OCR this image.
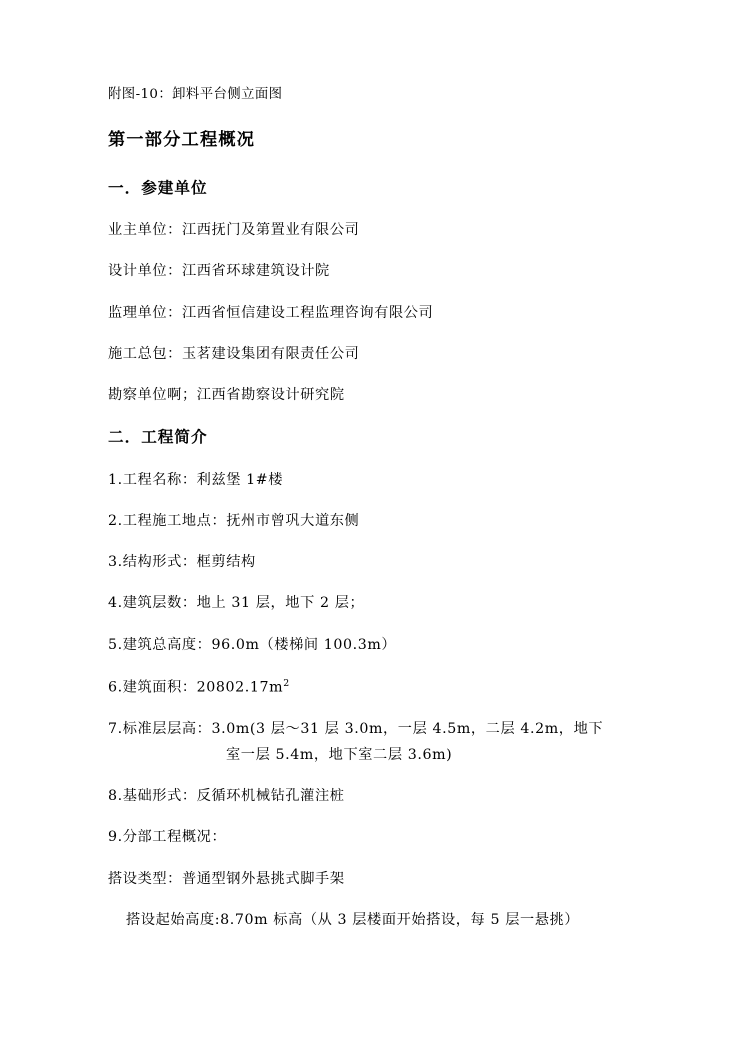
附图-10：卸料平台侧立面图
第一部分工程概况
一．参建单位
业主单位：江西抚门及第置业有限公司
设计单位：江西省环球建筑设计院
监理单位：江西省恒信建设工程监理咨询有限公司
施工总包：玉茗建设集团有限责任公司
勘察单位啊；江西省勘察设计研究院
二．工程简介
1.工程名称：利兹堡 1#楼
2.工程施工地点：抚州市曾巩大道东侧
3.结构形式：框剪结构
4.建筑层数：地上 31 层，地下 2 层；
5.建筑总高度：96.0m（楼梯间 100.3m）
6.建筑面积：$20802.17m^2$
7.标准层层高：3.0m(3 层～31 层 3.0m，一层 4.5m，二层 4.2m，地下
室一层 5.4m，地下室二层 3.6m)
8.基础形式：反循环机械钻孔灌注桩
9.分部工程概况：
搭设类型：普通型钢外悬挑式脚手架
搭设起始高度:8.70m 标高（从 3 层楼面开始搭设，每 5 层一悬挑）
